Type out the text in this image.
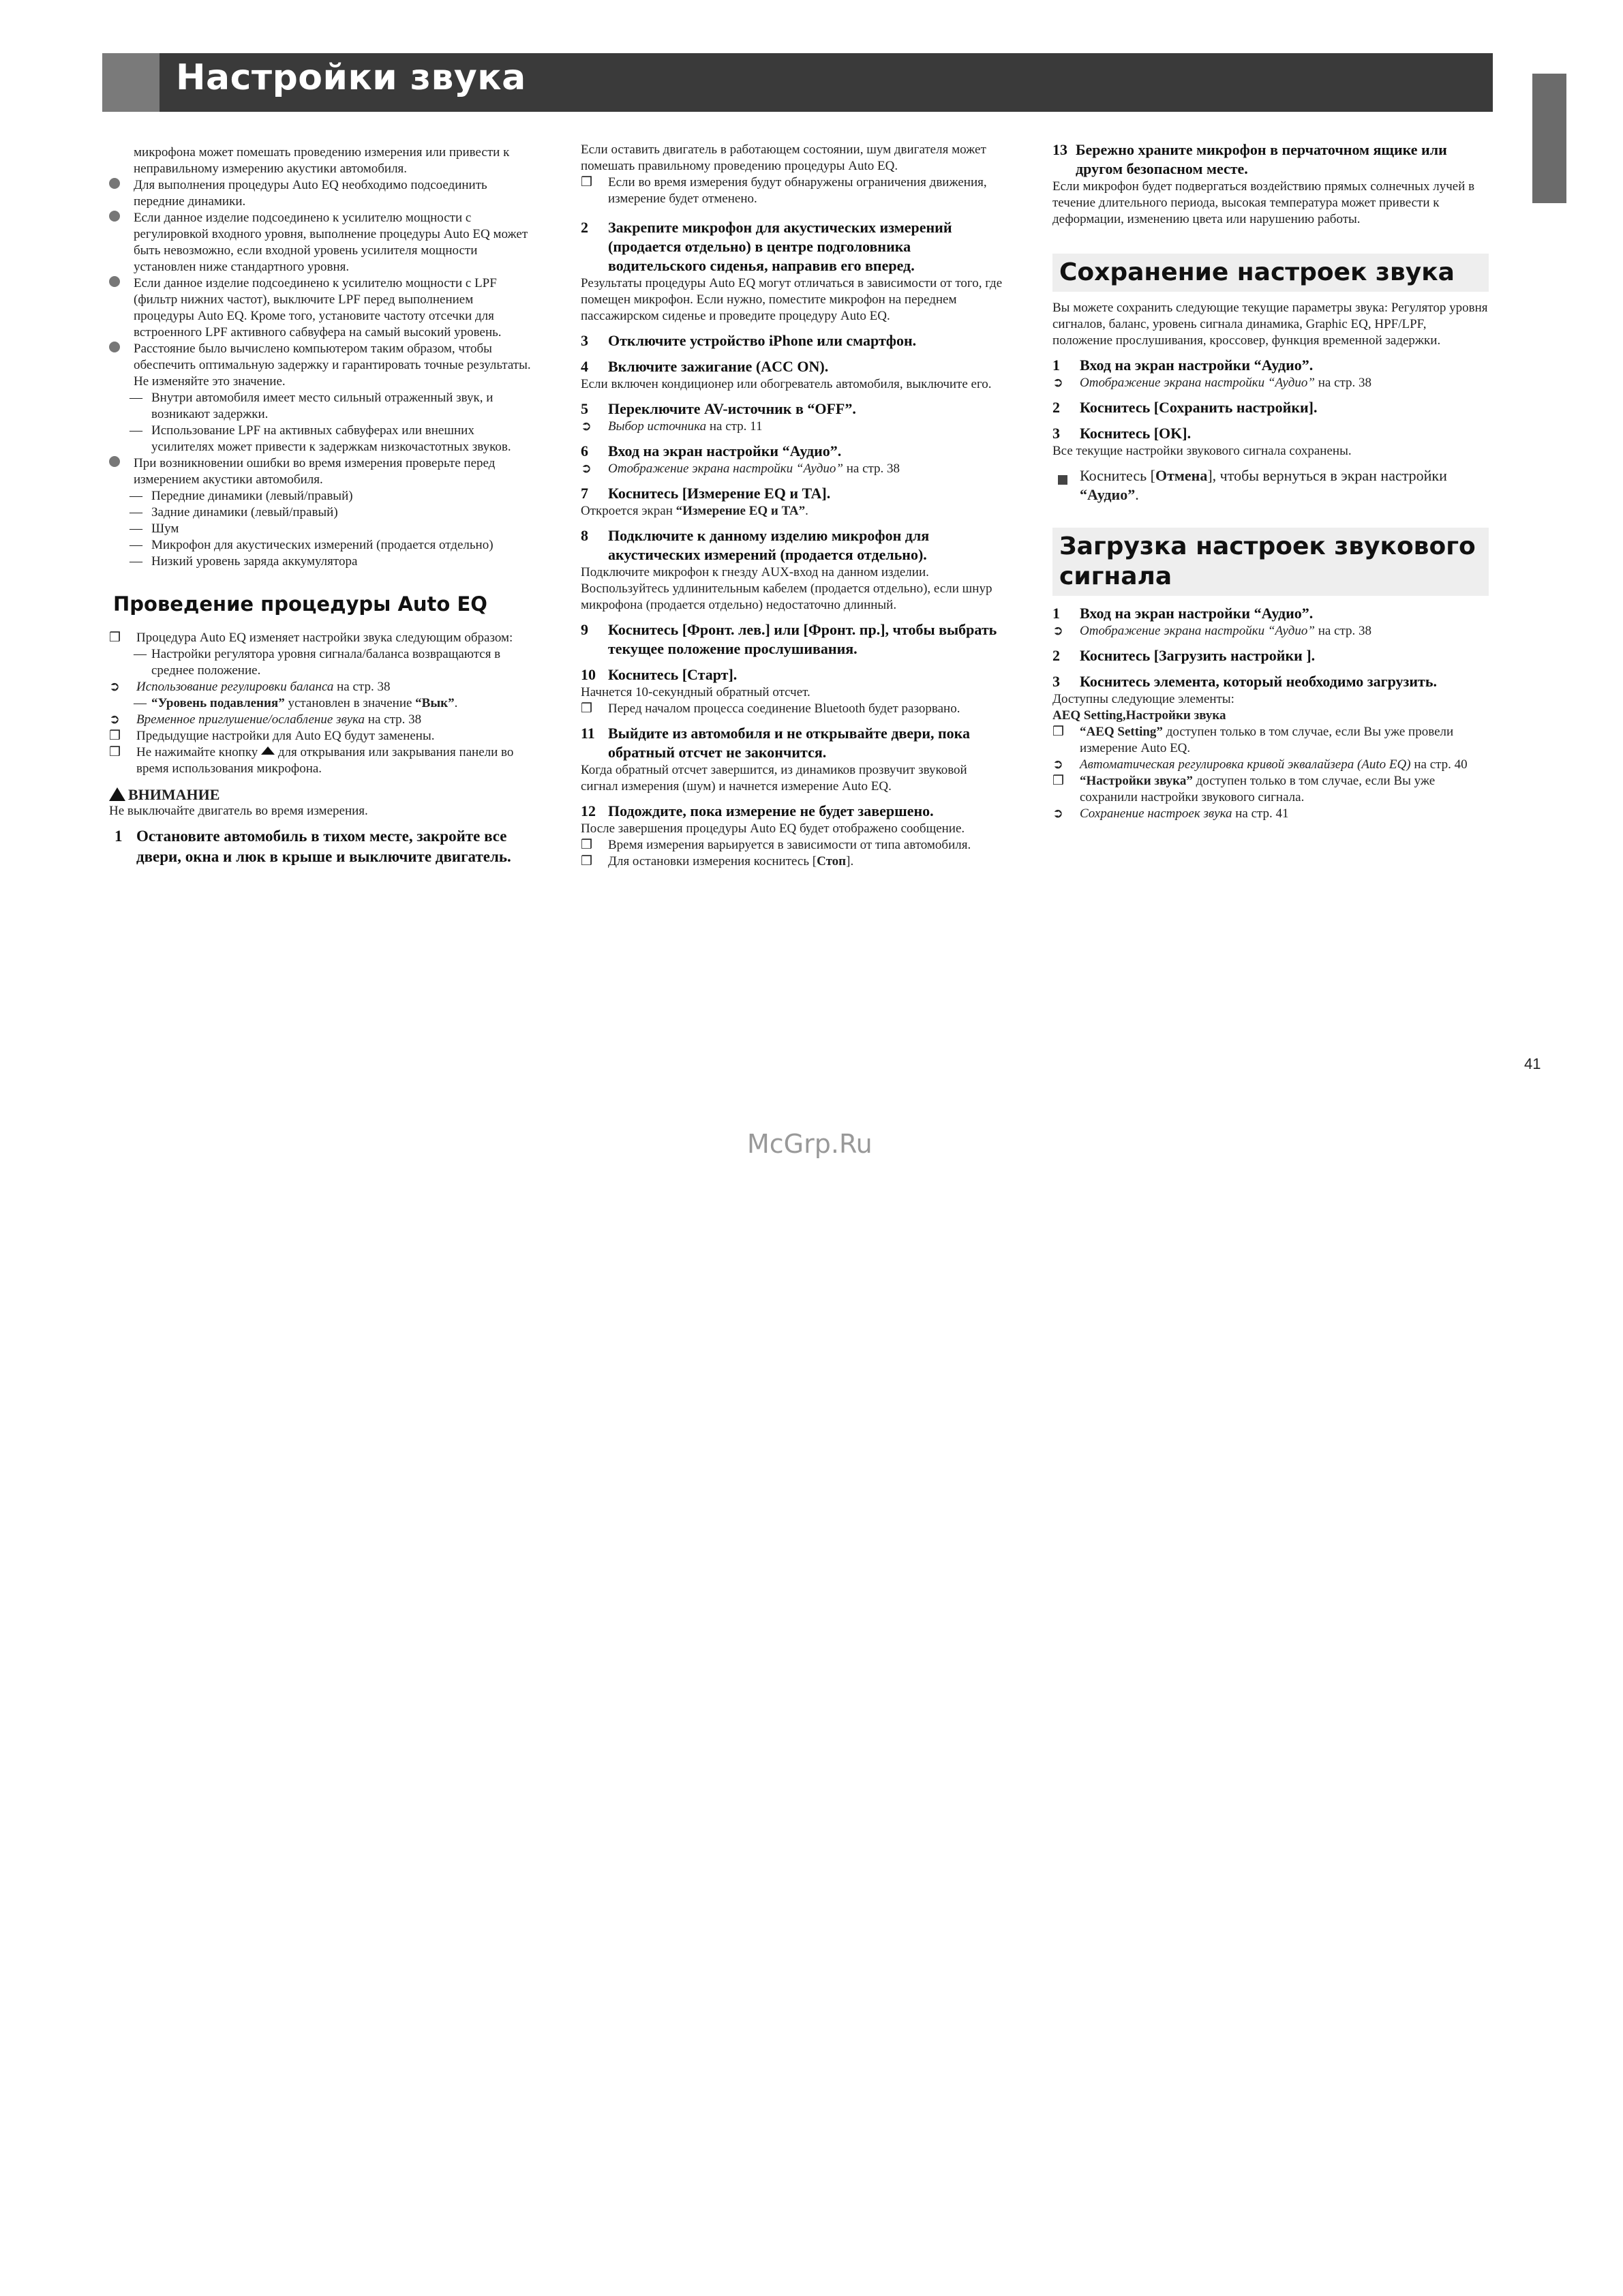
Настройки звука

микрофона может помешать проведению измерения или привести к неправильному измерению акустики автомобиля.

Для выполнения процедуры Auto EQ необходимо подсоединить передние динамики.

Если данное изделие подсоединено к усилителю мощности с регулировкой входного уровня, выполнение процедуры Auto EQ может быть невозможно, если входной уровень усилителя мощности установлен ниже стандартного уровня.

Если данное изделие подсоединено к усилителю мощности с LPF (фильтр нижних частот), выключите LPF перед выполнением процедуры Auto EQ. Кроме того, установите частоту отсечки для встроенного LPF активного сабвуфера на самый высокий уровень.

Расстояние было вычислено компьютером таким образом, чтобы обеспечить оптимальную задержку и гарантировать точные результаты. Не изменяйте это значение.

— Внутри автомобиля имеет место сильный отраженный звук, и возникают задержки.

— Использование LPF на активных сабвуферах или внешних усилителях может привести к задержкам низкочастотных звуков.

При возникновении ошибки во время измерения проверьте перед измерением акустики автомобиля.

— Передние динамики (левый/правый)

— Задние динамики (левый/правый)

— Шум

— Микрофон для акустических измерений (продается отдельно)

— Низкий уровень заряда аккумулятора

Проведение процедуры Auto EQ

❒ Процедура Auto EQ изменяет настройки звука следующим образом:

— Настройки регулятора уровня сигнала/баланса возвращаются в среднее положение.

➲ Использование регулировки баланса на стр. 38

— “Уровень подавления” установлен в значение “Вык”.

➲ Временное приглушение/ослабление звука на стр. 38

❒ Предыдущие настройки для Auto EQ будут заменены.

❒ Не нажимайте кнопку  для открывания или закрывания панели во время использования микрофона.

ВНИМАНИЕ

Не выключайте двигатель во время измерения.

1 Остановите автомобиль в тихом месте, закройте все двери, окна и люк в крыше и выключите двигатель.

Если оставить двигатель в работающем состоянии, шум двигателя может помешать правильному проведению процедуры Auto EQ.

❒ Если во время измерения будут обнаружены ограничения движения, измерение будет отменено.

2 Закрепите микрофон для акустических измерений (продается отдельно) в центре подголовника водительского сиденья, направив его вперед.

Результаты процедуры Auto EQ могут отличаться в зависимости от того, где помещен микрофон. Если нужно, поместите микрофон на переднем пассажирском сиденье и проведите процедуру Auto EQ.

3 Отключите устройство iPhone или смартфон.

4 Включите зажигание (ACC ON).

Если включен кондиционер или обогреватель автомобиля, выключите его.

5 Переключите AV-источник в “OFF”.

➲ Выбор источника на стр. 11

6 Вход на экран настройки “Аудио”.

➲ Отображение экрана настройки “Аудио” на стр. 38

7 Коснитесь [Измерение EQ и TA].

Откроется экран “Измерение EQ и TA”.

8 Подключите к данному изделию микрофон для акустических измерений (продается отдельно).

Подключите микрофон к гнезду AUX-вход на данном изделии. Воспользуйтесь удлинительным кабелем (продается отдельно), если шнур микрофона (продается отдельно) недостаточно длинный.

9 Коснитесь [Фронт. лев.] или [Фронт. пр.], чтобы выбрать текущее положение прослушивания.

10 Коснитесь [Старт].

Начнется 10-секундный обратный отсчет.

❒ Перед началом процесса соединение Bluetooth будет разорвано.

11 Выйдите из автомобиля и не открывайте двери, пока обратный отсчет не закончится.

Когда обратный отсчет завершится, из динамиков прозвучит звуковой сигнал измерения (шум) и начнется измерение Auto EQ.

12 Подождите, пока измерение не будет завершено.

После завершения процедуры Auto EQ будет отображено сообщение.

❒ Время измерения варьируется в зависимости от типа автомобиля.

❒ Для остановки измерения коснитесь [Стоп].

13 Бережно храните микрофон в перчаточном ящике или другом безопасном месте.

Если микрофон будет подвергаться воздействию прямых солнечных лучей в течение длительного периода, высокая температура может привести к деформации, изменению цвета или нарушению работы.

Сохранение настроек звука

Вы можете сохранить следующие текущие параметры звука: Регулятор уровня сигналов, баланс, уровень сигнала динамика, Graphic EQ, HPF/LPF, положение прослушивания, кроссовер, функция временной задержки.

1 Вход на экран настройки “Аудио”.

➲ Отображение экрана настройки “Аудио” на стр. 38

2 Коснитесь [Сохранить настройки].

3 Коснитесь [OK].

Все текущие настройки звукового сигнала сохранены.

Коснитесь [Отмена], чтобы вернуться в экран настройки “Аудио”.

Загрузка настроек звукового
сигнала

1 Вход на экран настройки “Аудио”.

➲ Отображение экрана настройки “Аудио” на стр. 38

2 Коснитесь [Загрузить настройки ].

3 Коснитесь элемента, который необходимо загрузить.

Доступны следующие элементы:

AEQ Setting,Настройки звука

❒ “AEQ Setting” доступен только в том случае, если Вы уже провели измерение Auto EQ.

➲ Автоматическая регулировка кривой эквалайзера (Auto EQ) на стр. 40

❒ “Настройки звука” доступен только в том случае, если Вы уже сохранили настройки звукового сигнала.

➲ Сохранение настроек звука на стр. 41

41
McGrp.Ru
